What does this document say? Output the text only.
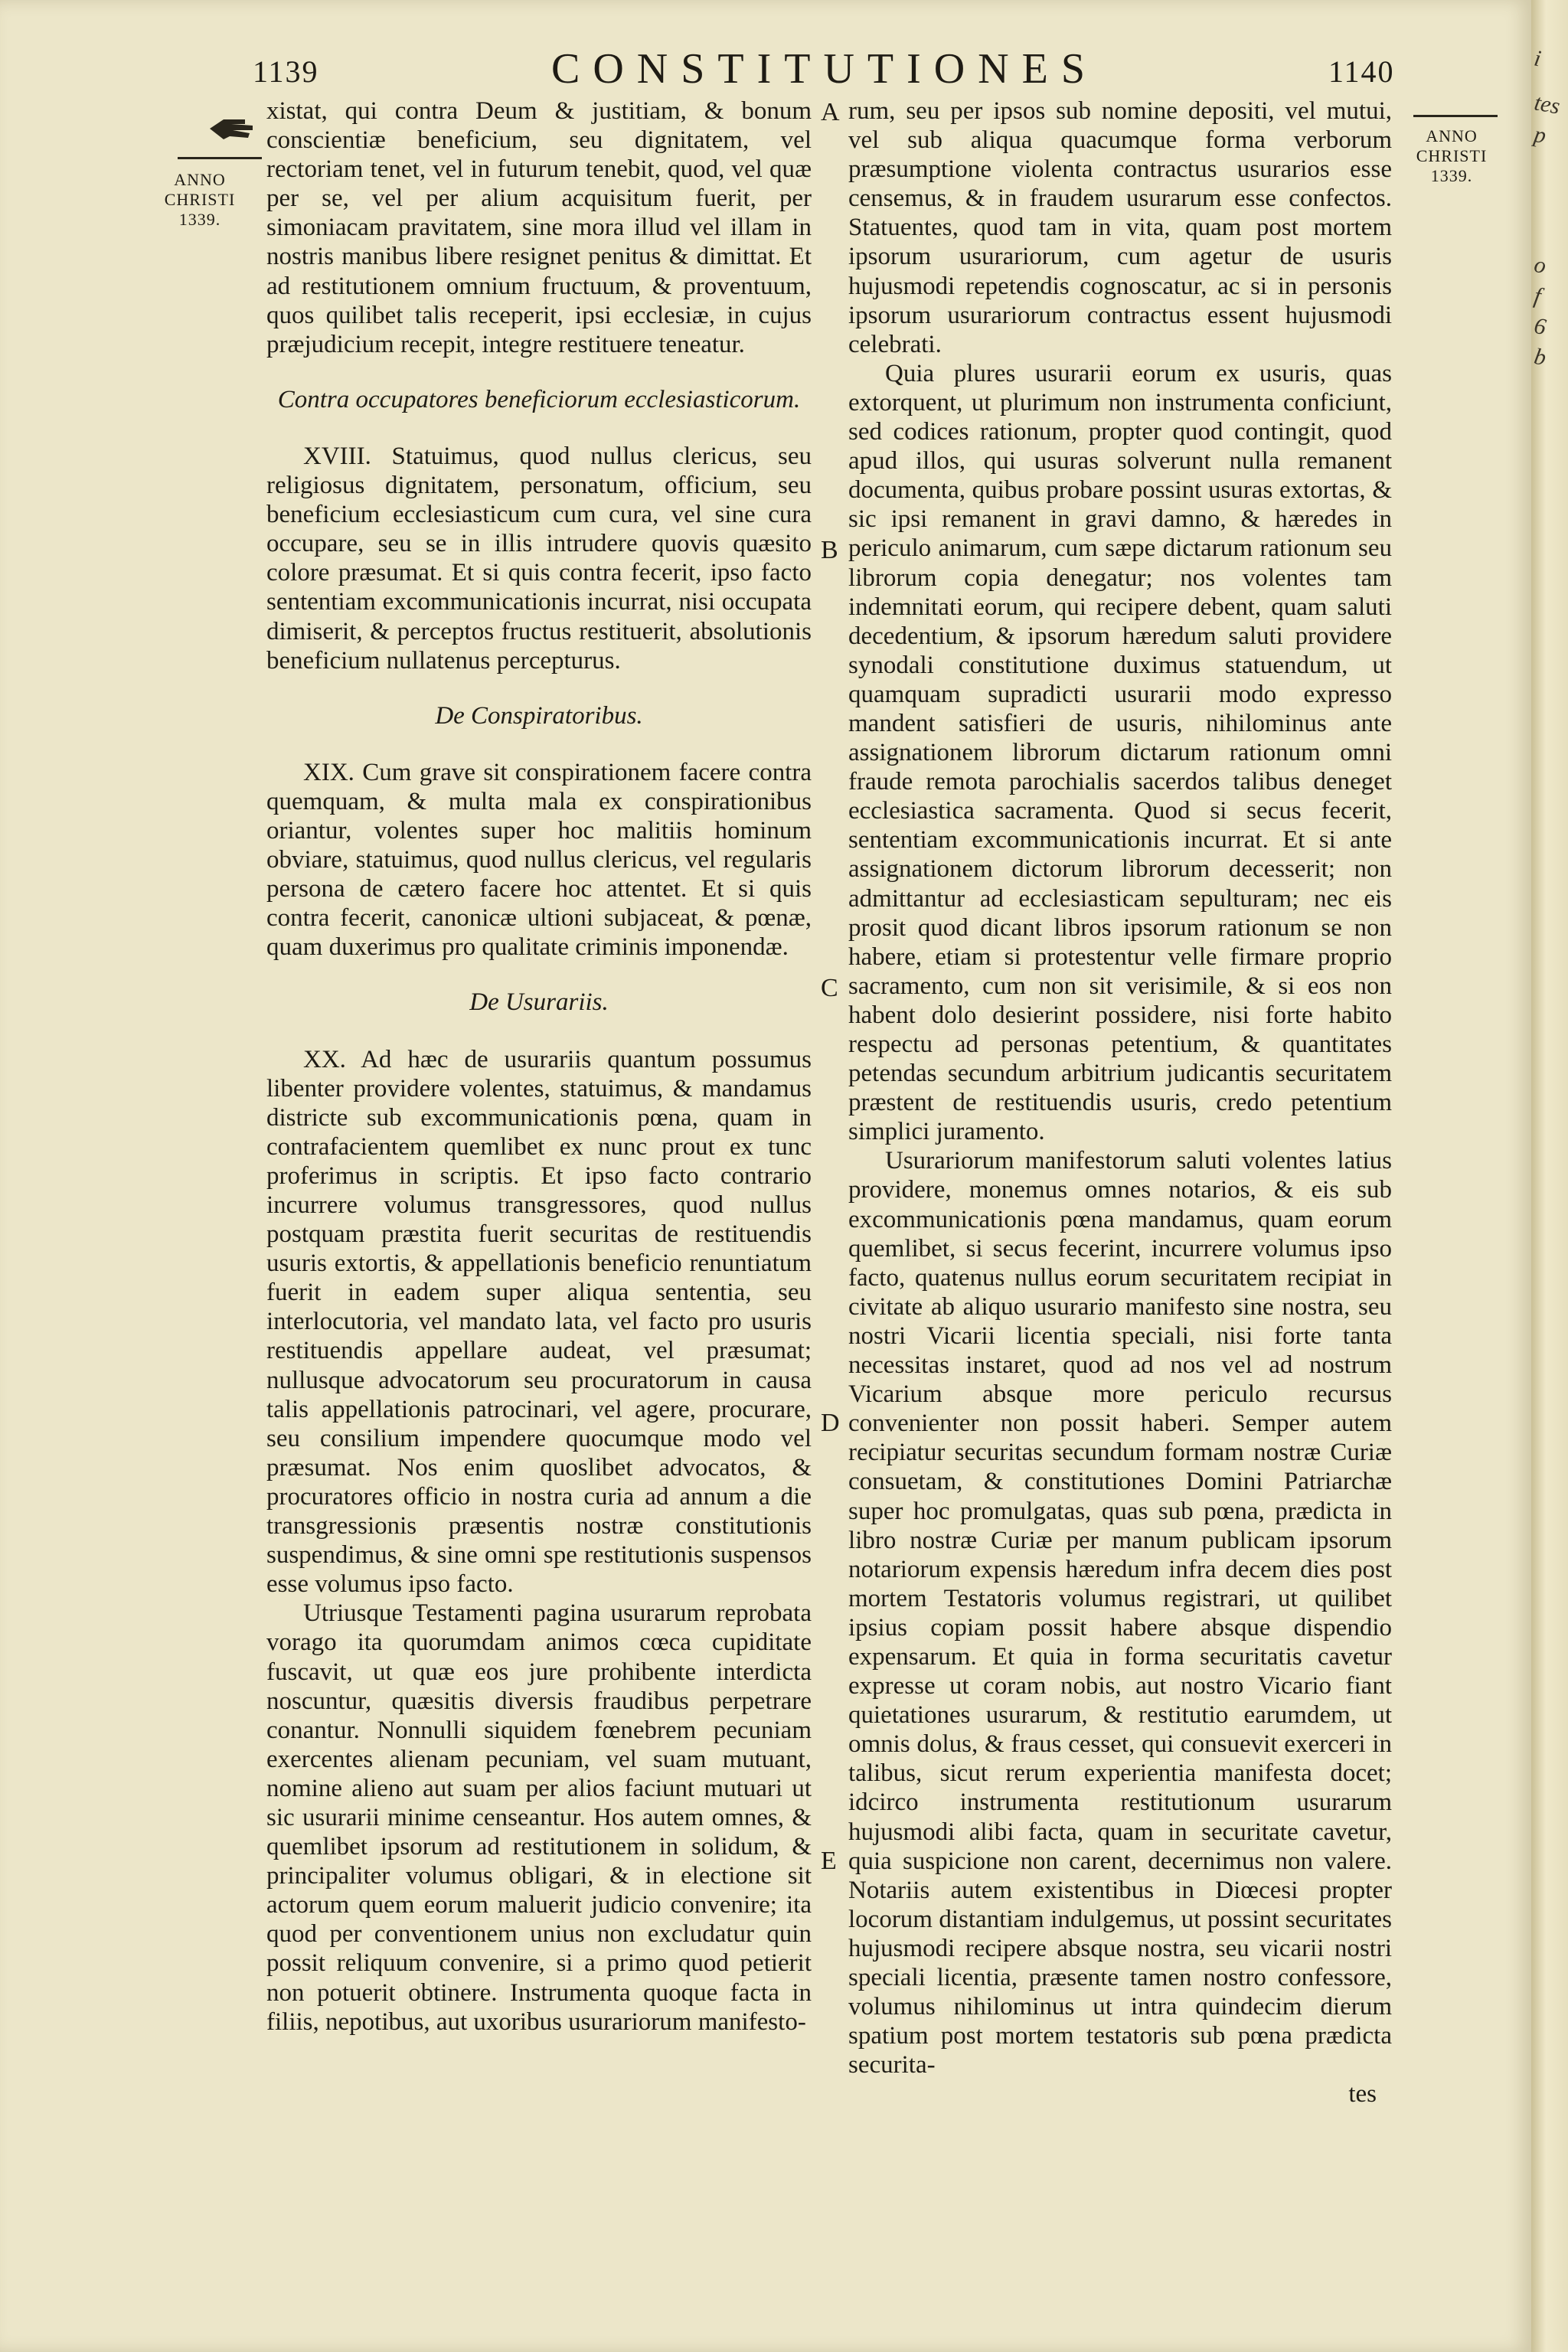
1139	CONSTITUTIONES	1140
ANNO
CHRISTI
1339.
ANNO
CHRISTI
1339.
A
B
C
D
E

xistat, qui contra Deum & justitiam, & bonum conscientiæ beneficium, seu dignitatem, vel rectoriam tenet, vel in futurum tenebit, quod, vel quæ per se, vel per alium acquisitum fuerit, per simoniacam pravitatem, sine mora illud vel illam in nostris manibus libere resignet penitus & dimittat. Et ad restitutionem omnium fructuum, & proventuum, quos quilibet talis receperit, ipsi ecclesiæ, in cujus præjudicium recepit, integre restituere teneatur.

Contra occupatores beneficiorum ecclesiasticorum.

XVIII. Statuimus, quod nullus clericus, seu religiosus dignitatem, personatum, officium, seu beneficium ecclesiasticum cum cura, vel sine cura occupare, seu se in illis intrudere quovis quæsito colore præsumat. Et si quis contra fecerit, ipso facto sententiam excommunicationis incurrat, nisi occupata dimiserit, & perceptos fructus restituerit, absolutionis beneficium nullatenus percepturus.

De Conspiratoribus.

XIX. Cum grave sit conspirationem facere contra quemquam, & multa mala ex conspirationibus oriantur, volentes super hoc malitiis hominum obviare, statuimus, quod nullus clericus, vel regularis persona de cætero facere hoc attentet. Et si quis contra fecerit, canonicæ ultioni subjaceat, & pœnæ, quam duxerimus pro qualitate criminis imponendæ.

De Usurariis.

XX. Ad hæc de usurariis quantum possumus libenter providere volentes, statuimus, & mandamus districte sub excommunicationis pœna, quam in contrafacientem quemlibet ex nunc prout ex tunc proferimus in scriptis. Et ipso facto contrario incurrere volumus transgressores, quod nullus postquam præstita fuerit securitas de restituendis usuris extortis, & appellationis beneficio renuntiatum fuerit in eadem super aliqua sententia, seu interlocutoria, vel mandato lata, vel facto pro usuris restituendis appellare audeat, vel præsumat; nullusque advocatorum seu procuratorum in causa talis appellationis patrocinari, vel agere, procurare, seu consilium impendere quocumque modo vel præsumat. Nos enim quoslibet advocatos, & procuratores officio in nostra curia ad annum a die transgressionis præsentis nostræ constitutionis suspendimus, & sine omni spe restitutionis suspensos esse volumus ipso facto.

Utriusque Testamenti pagina usurarum reprobata vorago ita quorumdam animos cœca cupiditate fuscavit, ut quæ eos jure prohibente interdicta noscuntur, quæsitis diversis fraudibus perpetrare conantur. Nonnulli siquidem fœnebrem pecuniam exercentes alienam pecuniam, vel suam mutuant, nomine alieno aut suam per alios faciunt mutuari ut sic usurarii minime censeantur. Hos autem omnes, & quemlibet ipsorum ad restitutionem in solidum, & principaliter volumus obligari, & in electione sit actorum quem eorum maluerit judicio convenire; ita quod per conventionem unius non excludatur quin possit reliquum convenire, si a primo quod petierit non potuerit obtinere. Instrumenta quoque facta in filiis, nepotibus, aut uxoribus usurariorum manifesto-

rum, seu per ipsos sub nomine depositi, vel mutui, vel sub aliqua quacumque forma verborum præsumptione violenta contractus usurarios esse censemus, & in fraudem usurarum esse confectos. Statuentes, quod tam in vita, quam post mortem ipsorum usurariorum, cum agetur de usuris hujusmodi repetendis cognoscatur, ac si in personis ipsorum usurariorum contractus essent hujusmodi celebrati.

Quia plures usurarii eorum ex usuris, quas extorquent, ut plurimum non instrumenta conficiunt, sed codices rationum, propter quod contingit, quod apud illos, qui usuras solverunt nulla remanent documenta, quibus probare possint usuras extortas, & sic ipsi remanent in gravi damno, & hæredes in periculo animarum, cum sæpe dictarum rationum seu librorum copia denegatur; nos volentes tam indemnitati eorum, qui recipere debent, quam saluti decedentium, & ipsorum hæredum saluti providere synodali constitutione duximus statuendum, ut quamquam supradicti usurarii modo expresso mandent satisfieri de usuris, nihilominus ante assignationem librorum dictarum rationum omni fraude remota parochialis sacerdos talibus deneget ecclesiastica sacramenta. Quod si secus fecerit, sententiam excommunicationis incurrat. Et si ante assignationem dictorum librorum decesserit; non admittantur ad ecclesiasticam sepulturam; nec eis prosit quod dicant libros ipsorum rationum se non habere, etiam si protestentur velle firmare proprio sacramento, cum non sit verisimile, & si eos non habent dolo desierint possidere, nisi forte habito respectu ad personas petentium, & quantitates petendas secundum arbitrium judicantis securitatem præstent de restituendis usuris, credo petentium simplici juramento.

Usurariorum manifestorum saluti volentes latius providere, monemus omnes notarios, & eis sub excommunicationis pœna mandamus, quam eorum quemlibet, si secus fecerint, incurrere volumus ipso facto, quatenus nullus eorum securitatem recipiat in civitate ab aliquo usurario manifesto sine nostra, seu nostri Vicarii licentia speciali, nisi forte tanta necessitas instaret, quod ad nos vel ad nostrum Vicarium absque more periculo recursus convenienter non possit haberi. Semper autem recipiatur securitas secundum formam nostræ Curiæ consuetam, & constitutiones Domini Patriarchæ super hoc promulgatas, quas sub pœna, prædicta in libro nostræ Curiæ per manum publicam ipsorum notariorum expensis hæredum infra decem dies post mortem Testatoris volumus registrari, ut quilibet ipsius copiam possit habere absque dispendio expensarum. Et quia in forma securitatis cavetur expresse ut coram nobis, aut nostro Vicario fiant quietationes usurarum, & restitutio earumdem, ut omnis dolus, & fraus cesset, qui consuevit exerceri in talibus, sicut rerum experientia manifesta docet; idcirco instrumenta restitutionum usurarum hujusmodi alibi facta, quam in securitate cavetur, quia suspicione non carent, decernimus non valere. Notariis autem existentibus in Diœcesi propter locorum distantiam indulgemus, ut possint securitates hujusmodi recipere absque nostra, seu vicarii nostri speciali licentia, præsente tamen nostro confessore, volumus nihilominus ut intra quindecim dierum spatium post mortem testatoris sub pœna prædicta securita-

tes

i
tes
p
o
f
6
b
